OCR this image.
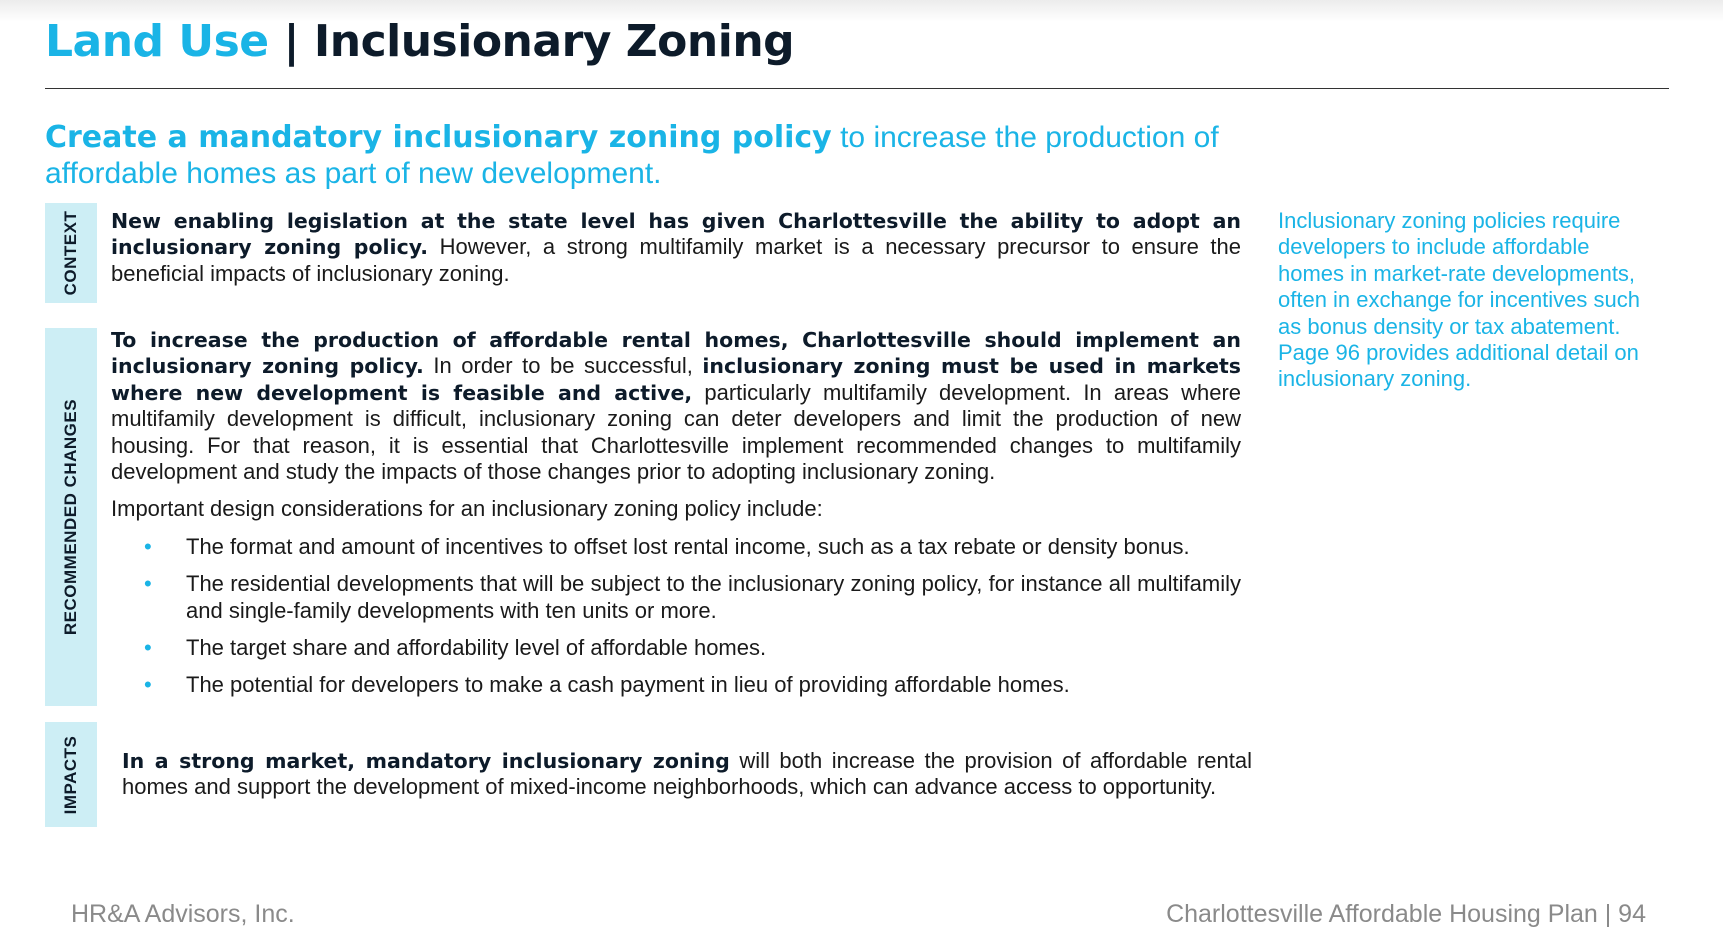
Land Use | Inclusionary Zoning
Create a mandatory inclusionary zoning policy to increase the production of affordable homes as part of new development.
CONTEXT New enabling legislation at the state level has given Charlottesville the ability to adopt an inclusionary zoning policy. However, a strong multifamily market is a necessary precursor to ensure the beneficial impacts of inclusionary zoning.

RECOMMENDED CHANGES

To increase the production of affordable rental homes, Charlottesville should implement an inclusionary zoning policy. In order to be successful, inclusionary zoning must be used in markets where new development is feasible and active, particularly multifamily development. In areas where multifamily development is difficult, inclusionary zoning can deter developers and limit the production of new housing. For that reason, it is essential that Charlottesville implement recommended changes to multifamily development and study the impacts of those changes prior to adopting inclusionary zoning.

Important design considerations for an inclusionary zoning policy include:

• The format and amount of incentives to offset lost rental income, such as a tax rebate or density bonus.
• The residential developments that will be subject to the inclusionary zoning policy, for instance all multifamily and single-family developments with ten units or more.
• The target share and affordability level of affordable homes.
• The potential for developers to make a cash payment in lieu of providing affordable homes.
IMPACTS In a strong market, mandatory inclusionary zoning will both increase the provision of affordable rental homes and support the development of mixed-income neighborhoods, which can advance access to opportunity.

Inclusionary zoning policies require developers to include affordable homes in market-rate developments, often in exchange for incentives such as bonus density or tax abatement. Page 96 provides additional detail on inclusionary zoning.
HR&A Advisors, Inc.	Charlottesville Affordable Housing Plan | 94
